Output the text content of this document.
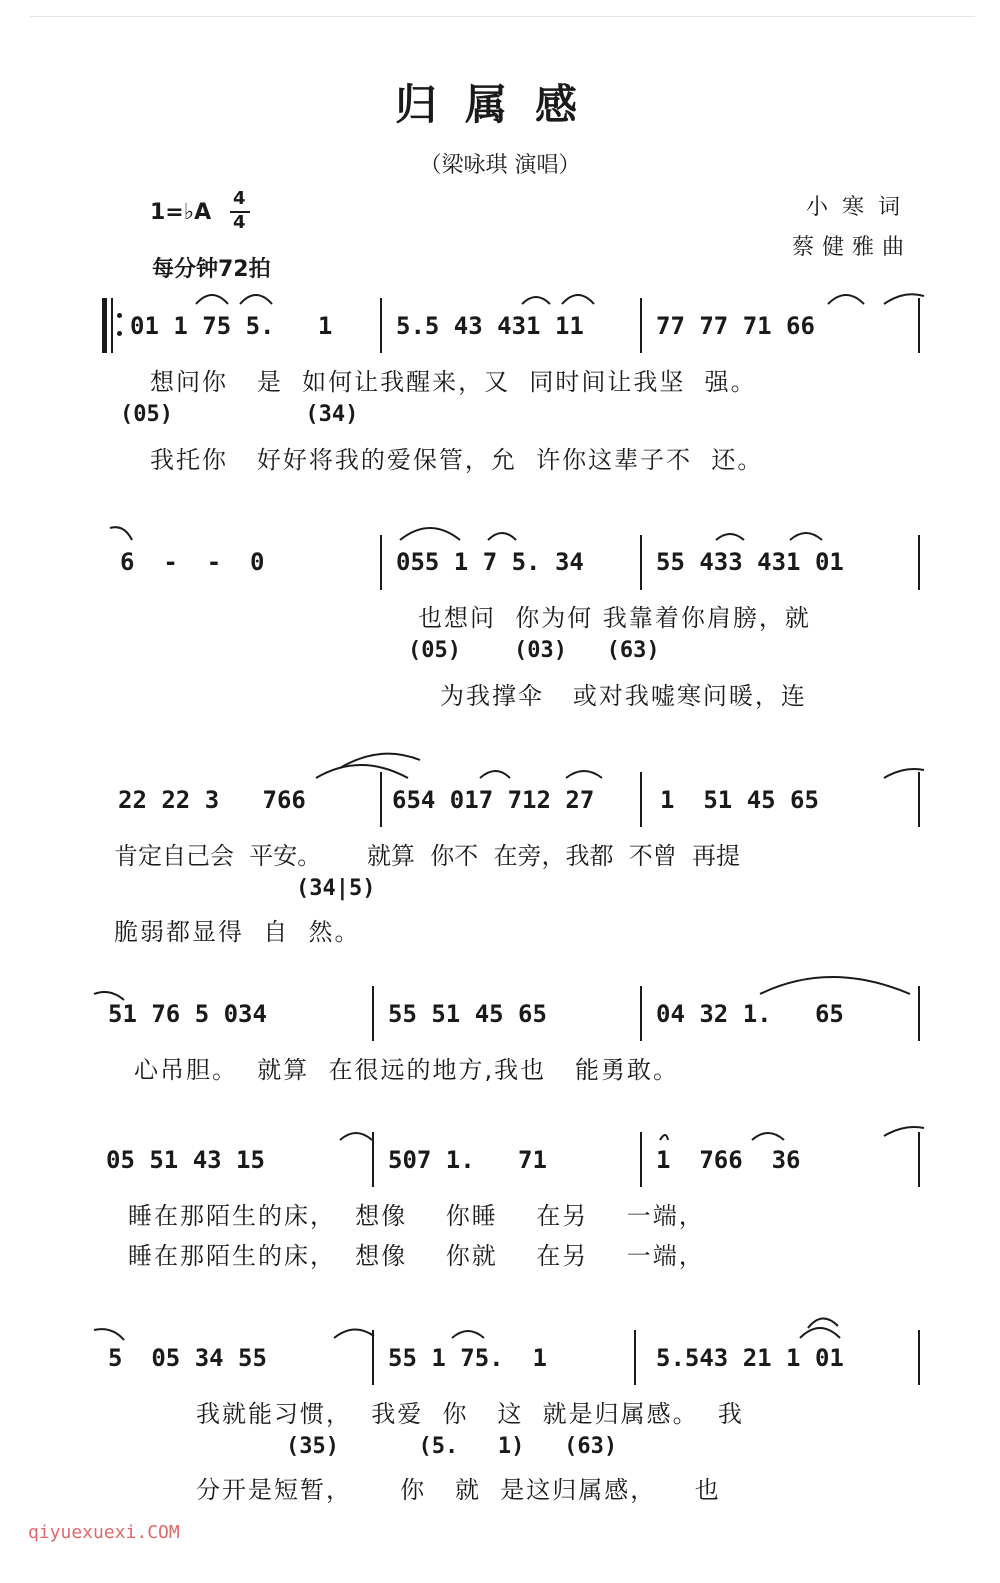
归属感
（梁咏琪 演唱）
小寒词
蔡健雅曲
1=♭A
4
4
每分钟72拍
01 1 75 5.   1	5.5 43 431 11	77 77 71 66
想问你   是  如何让我醒来，又  同时间让我坚  强。
(05)          (34)
我托你   好好将我的爱保管，允  许你这辈子不  还。
6  -  -  0	055 1 7 5. 34	55 433 431 01
也想问  你为何 我靠着你肩膀，就
(05)    (03)   (63)
为我撑伞   或对我嘘寒问暖，连
22 22 3   766	654 017 712 27	1  51 45 65
肯定自己会  平安。      就算  你不  在旁，我都  不曾  再提
(34|5)
脆弱都显得  自  然。
51 76 5 034	55 51 45 65	04 32 1.   65
心吊胆。  就算  在很远的地方,我也   能勇敢。
05 51 43 15	507 1.   71	1  766  36
睡在那陌生的床，  想像    你睡    在另    一端，
睡在那陌生的床，  想像    你就    在另    一端，
5  05 34 55	55 1 75.  1	5.543 21 1 01
我就能习惯，  我爱  你   这  就是归属感。  我
(35)      (5.   1)   (63)
分开是短暂，     你   就  是这归属感，    也
qiyuexuexi.COM
